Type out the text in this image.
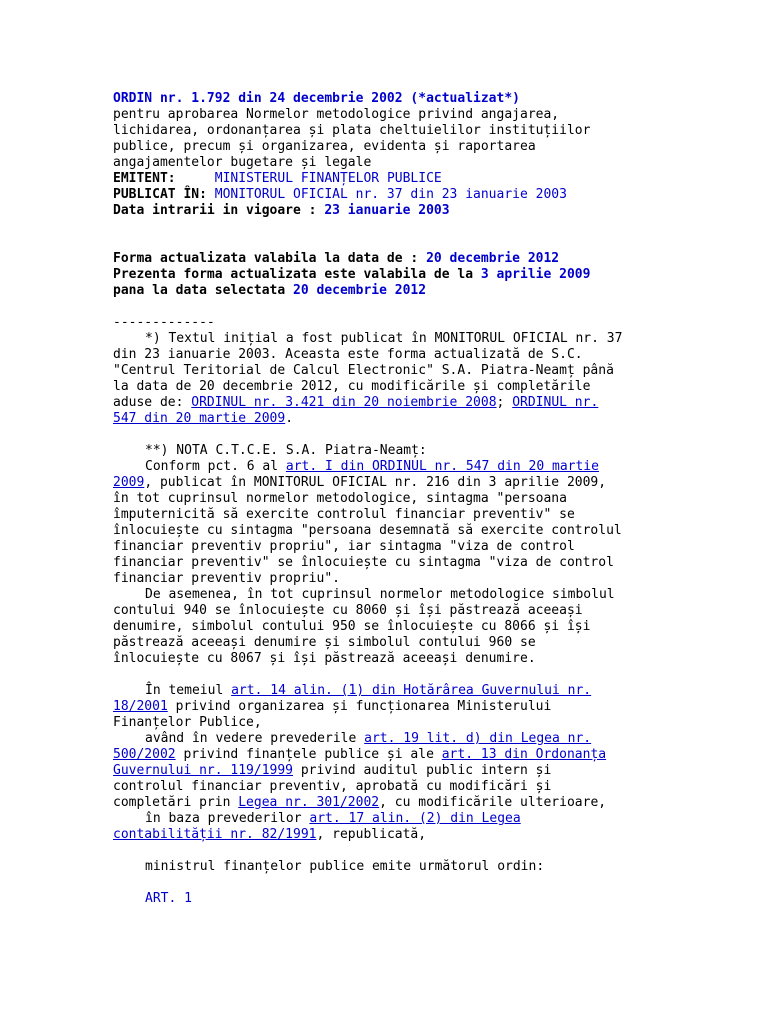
ORDIN nr. 1.792 din 24 decembrie 2002 (*actualizat*)
pentru aprobarea Normelor metodologice privind angajarea,
lichidarea, ordonanțarea și plata cheltuielilor instituțiilor
publice, precum și organizarea, evidenta și raportarea
angajamentelor bugetare și legale
EMITENT:	MINISTERUL FINANȚELOR PUBLICE
PUBLICAT ÎN: MONITORUL OFICIAL nr. 37 din 23 ianuarie 2003
Data intrarii in vigoare : 23 ianuarie 2003
Forma actualizata valabila la data de : 20 decembrie 2012
Prezenta forma actualizata este valabila de la 3 aprilie 2009
pana la data selectata 20 decembrie 2012
-------------
*) Textul inițial a fost publicat în MONITORUL OFICIAL nr. 37
din 23 ianuarie 2003. Aceasta este forma actualizată de S.C.
"Centrul Teritorial de Calcul Electronic" S.A. Piatra-Neamț până
la data de 20 decembrie 2012, cu modificările și completările
aduse de: ORDINUL nr. 3.421 din 20 noiembrie 2008; ORDINUL nr.
547 din 20 martie 2009.
**) NOTA C.T.C.E. S.A. Piatra-Neamț:
Conform pct. 6 al art. I din ORDINUL nr. 547 din 20 martie
2009, publicat în MONITORUL OFICIAL nr. 216 din 3 aprilie 2009,
în tot cuprinsul normelor metodologice, sintagma "persoana
împuternicită să exercite controlul financiar preventiv" se
înlocuiește cu sintagma "persoana desemnată să exercite controlul
financiar preventiv propriu", iar sintagma "viza de control
financiar preventiv" se înlocuiește cu sintagma "viza de control
financiar preventiv propriu".
De asemenea, în tot cuprinsul normelor metodologice simbolul
contului 940 se înlocuiește cu 8060 și își păstrează aceeași
denumire, simbolul contului 950 se înlocuiește cu 8066 și își
păstrează aceeași denumire și simbolul contului 960 se
înlocuiește cu 8067 și își păstrează aceeași denumire.
În temeiul art. 14 alin. (1) din Hotărârea Guvernului nr.
18/2001 privind organizarea și funcționarea Ministerului
Finanțelor Publice,
având în vedere prevederile art. 19 lit. d) din Legea nr.
500/2002 privind finanțele publice și ale art. 13 din Ordonanța
Guvernului nr. 119/1999 privind auditul public intern și
controlul financiar preventiv, aprobată cu modificări și
completări prin Legea nr. 301/2002, cu modificările ulterioare,
în baza prevederilor art. 17 alin. (2) din Legea
contabilității nr. 82/1991, republicată,
ministrul finanțelor publice emite următorul ordin:
ART. 1
